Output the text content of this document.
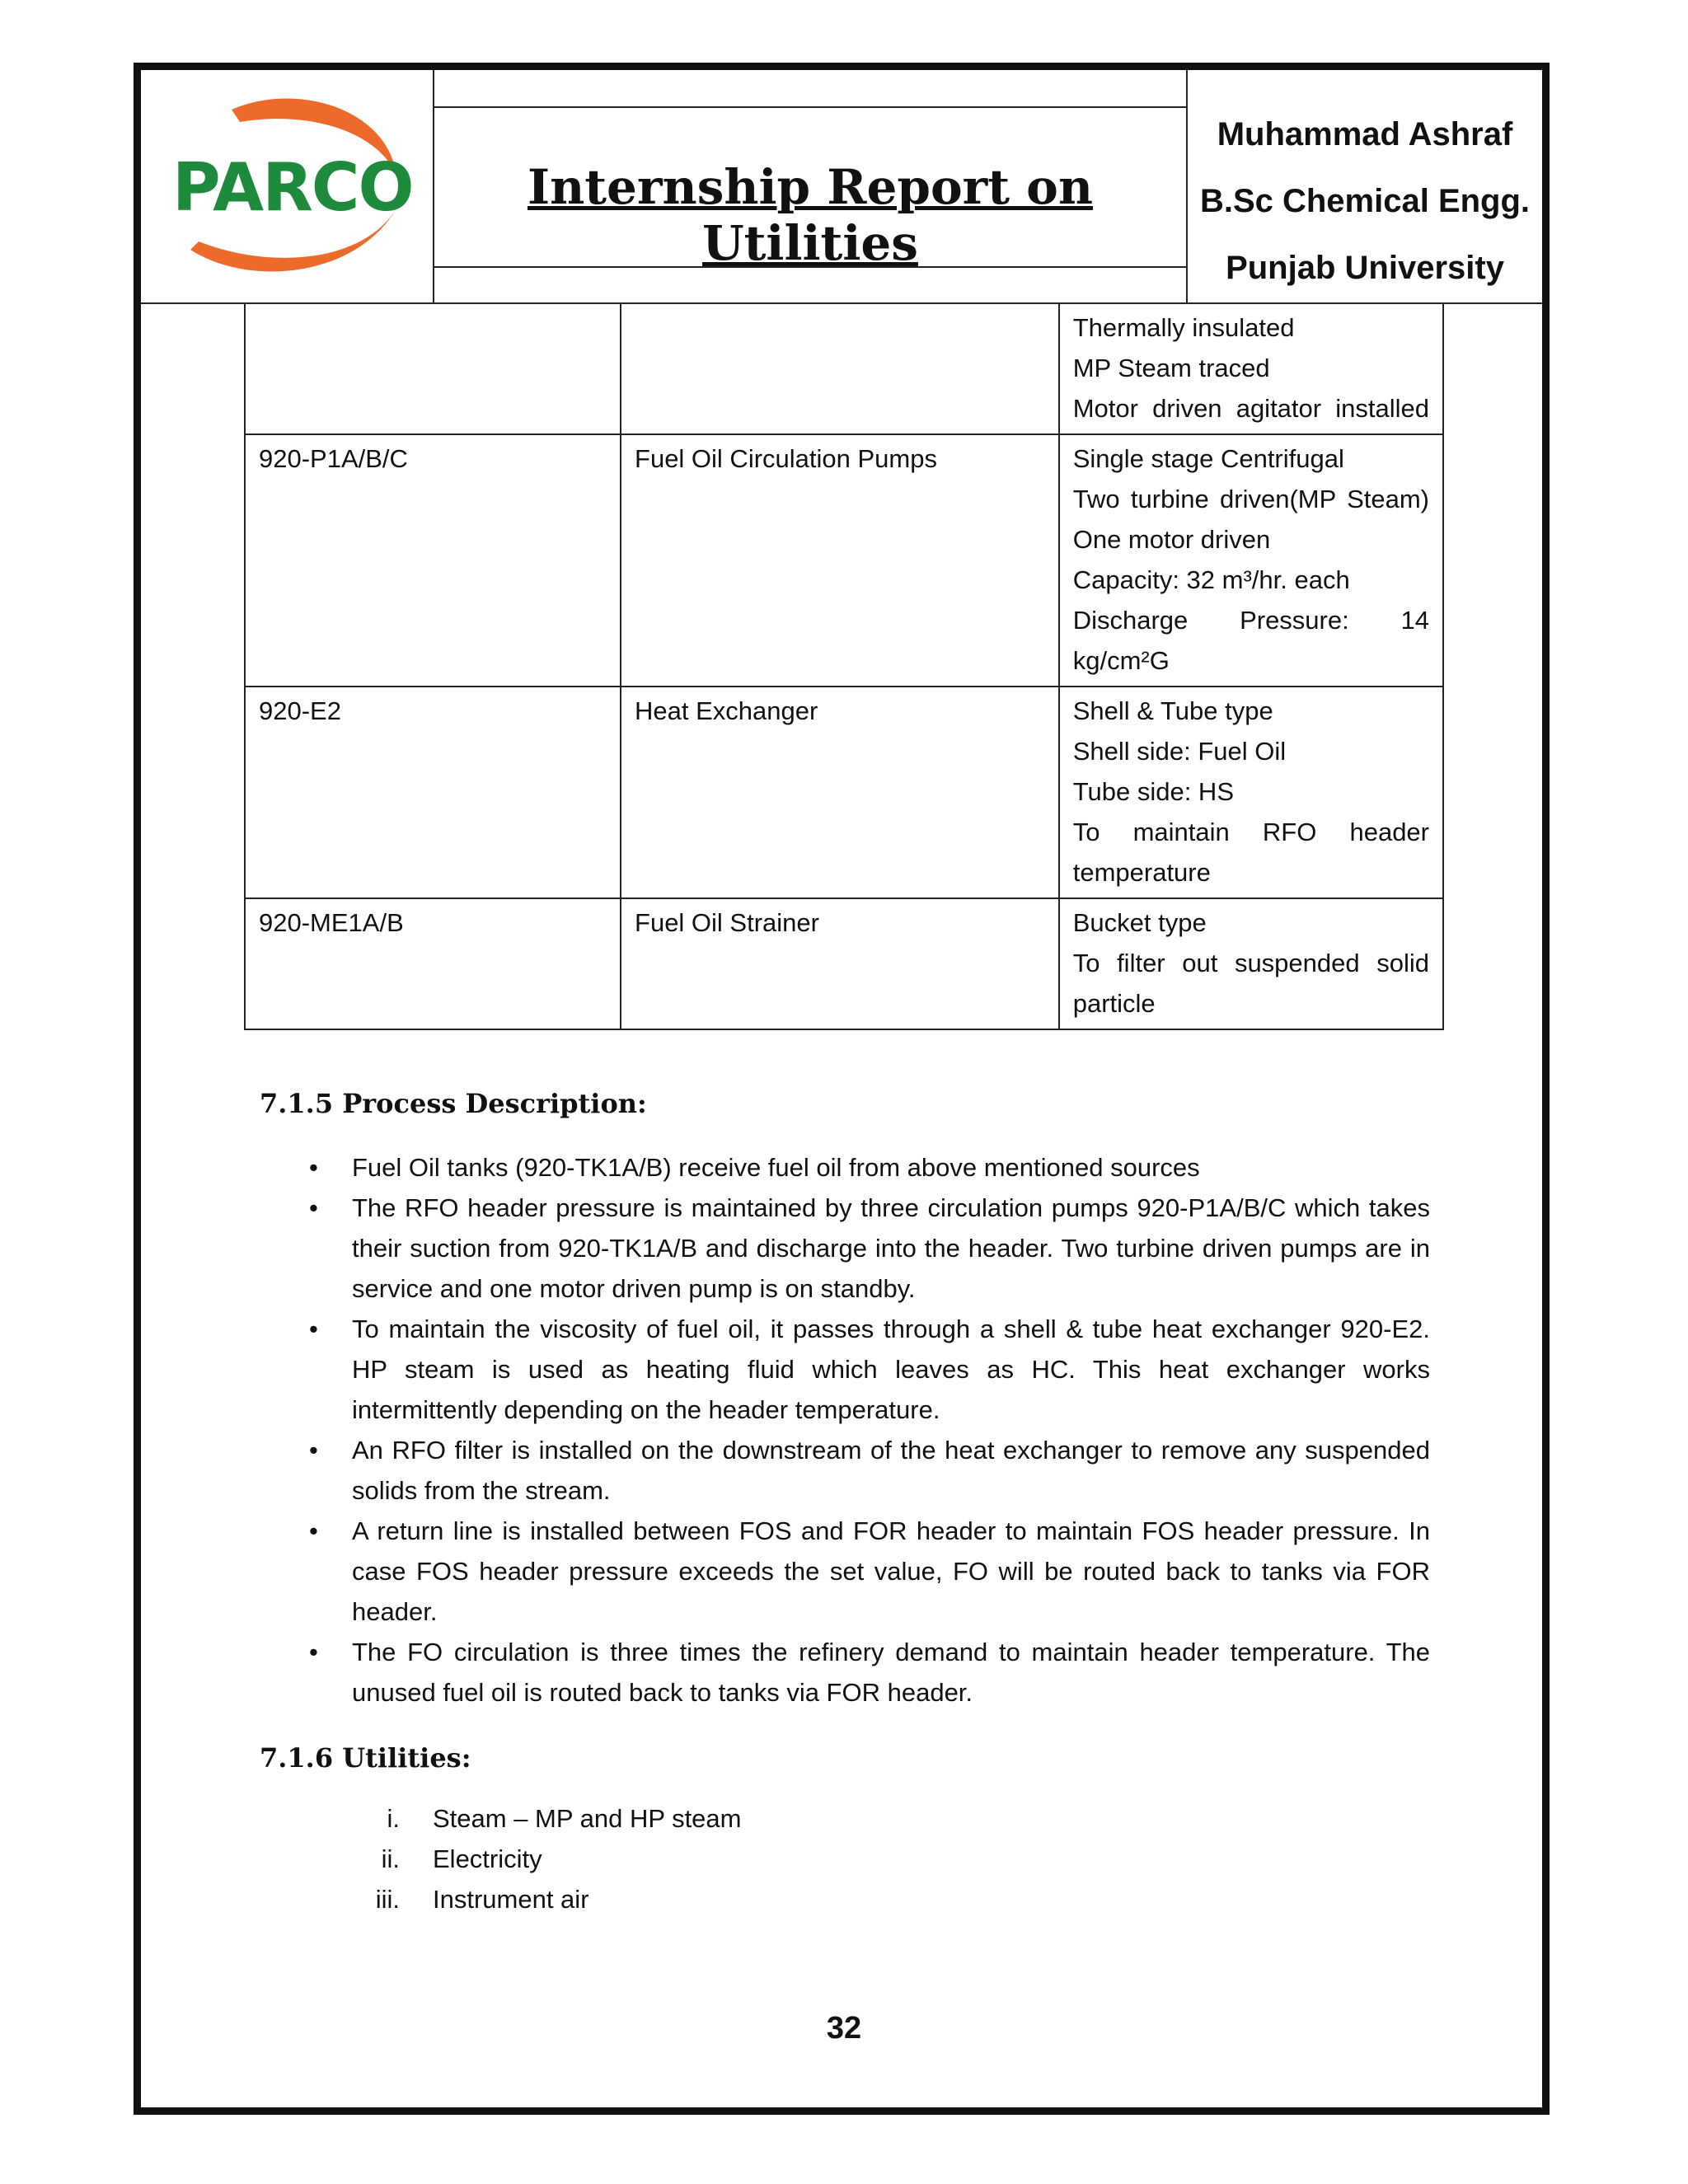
PARCO	Internship Report on Utilities
Muhammad Ashraf
B.Sc Chemical Engg.
Punjab University

		Thermally insulated
MP Steam traced
Motor driven agitator installed

920-P1A/B/C	Fuel Oil Circulation Pumps	Single stage Centrifugal
Two turbine driven(MP Steam)
One motor driven
Capacity: 32 m³/hr. each
Discharge Pressure: 14 kg/cm²G

920-E2	Heat Exchanger	Shell & Tube type
Shell side: Fuel Oil
Tube side: HS
To maintain RFO header temperature

920-ME1A/B	Fuel Oil Strainer	Bucket type
To filter out suspended solid particle
7.1.5 Process Description:
• Fuel Oil tanks (920-TK1A/B) receive fuel oil from above mentioned sources
• The RFO header pressure is maintained by three circulation pumps 920-P1A/B/C which takes their suction from 920-TK1A/B and discharge into the header. Two turbine driven pumps are in service and one motor driven pump is on standby.
• To maintain the viscosity of fuel oil, it passes through a shell & tube heat exchanger 920-E2. HP steam is used as heating fluid which leaves as HC. This heat exchanger works intermittently depending on the header temperature.
• An RFO filter is installed on the downstream of the heat exchanger to remove any suspended solids from the stream.
• A return line is installed between FOS and FOR header to maintain FOS header pressure. In case FOS header pressure exceeds the set value, FO will be routed back to tanks via FOR header.
• The FO circulation is three times the refinery demand to maintain header temperature. The unused fuel oil is routed back to tanks via FOR header.
7.1.6 Utilities:
i. Steam – MP and HP steam
ii. Electricity
iii. Instrument air
32
